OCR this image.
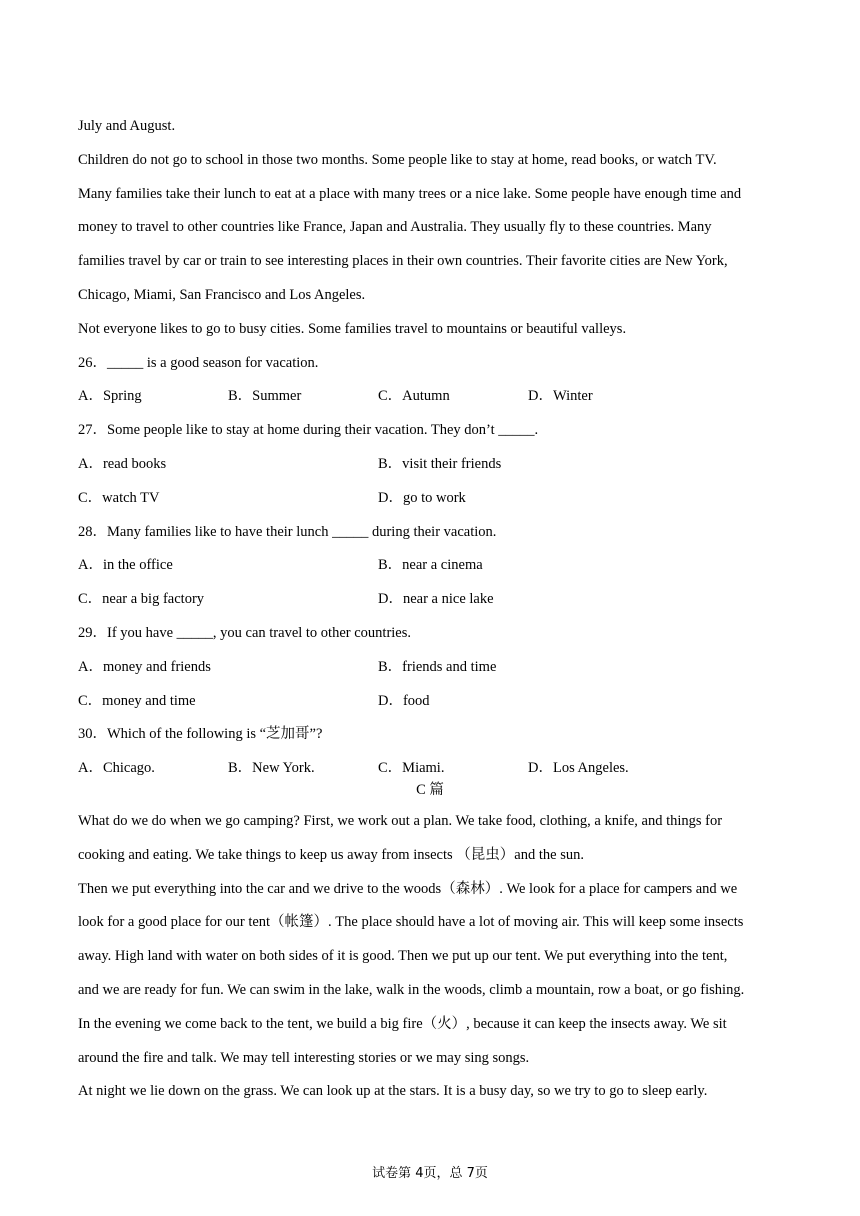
July and August.
Children do not go to school in those two months. Some people like to stay at home, read books, or watch TV.
Many families take their lunch to eat at a place with many trees or a nice lake. Some people have enough time and
money to travel to other countries like France, Japan and Australia. They usually fly to these countries. Many
families travel by car or train to see interesting places in their own countries. Their favorite cities are New York,
Chicago, Miami, San Francisco and Los Angeles.
Not everyone likes to go to busy cities. Some families travel to mountains or beautiful valleys.
26．_____ is a good season for vacation.
A．Spring	B．Summer	C．Autumn	D．Winter
27．Some people like to stay at home during their vacation. They don’t _____.
A．read books	B．visit their friends
C．watch TV	D．go to work
28．Many families like to have their lunch _____ during their vacation.
A．in the office	B．near a cinema
C．near a big factory	D．near a nice lake
29．If you have _____, you can travel to other countries.
A．money and friends	B．friends and time
C．money and time	D．food
30．Which of the following is “芝加哥”?
A．Chicago.	B．New York.	C．Miami.	D．Los Angeles.
C 篇
What do we do when we go camping? First, we work out a plan. We take food, clothing, a knife, and things for
cooking and eating. We take things to keep us away from insects （昆虫）and the sun.
Then we put everything into the car and we drive to the woods（森林）. We look for a place for campers and we
look for a good place for our tent（帐篷）. The place should have a lot of moving air. This will keep some insects
away. High land with water on both sides of it is good. Then we put up our tent. We put everything into the tent,
and we are ready for fun. We can swim in the lake, walk in the woods, climb a mountain, row a boat, or go fishing.
In the evening we come back to the tent, we build a big fire（火）, because it can keep the insects away. We sit
around the fire and talk. We may tell interesting stories or we may sing songs.
At night we lie down on the grass. We can look up at the stars. It is a busy day, so we try to go to sleep early.
试卷第 4页，总 7页
